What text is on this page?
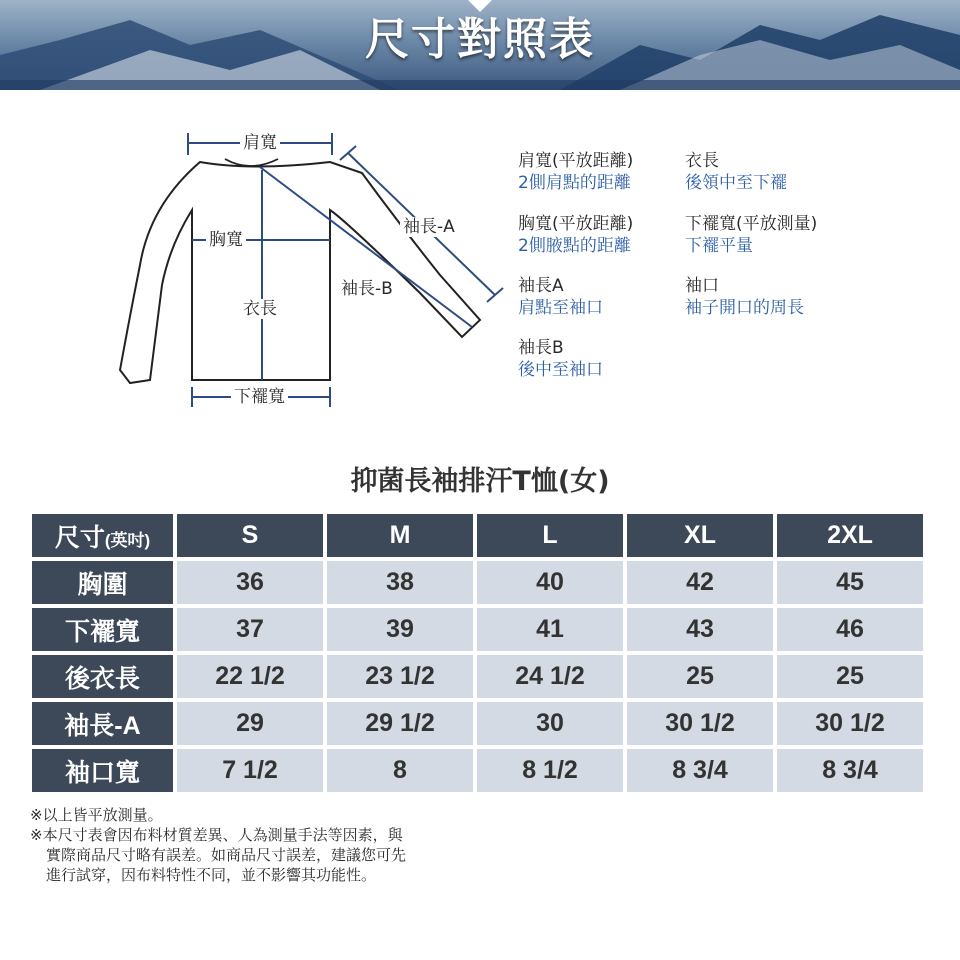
尺寸對照表
肩寬
胸寬
衣長
下襬寬
袖長-A
袖長-B
肩寬(平放距離)
2側肩點的距離
胸寬(平放距離)
2側腋點的距離
袖長A
肩點至袖口
袖長B
後中至袖口
衣長
後領中至下襬
下襬寬(平放測量)
下襬平量
袖口
袖子開口的周長
抑菌長袖排汗T恤(女)
尺寸(英吋)	S	M	L	XL	2XL
胸圍	36	38	40	42	45
下襬寬	37	39	41	43	46
後衣長	22 1/2	23 1/2	24 1/2	25	25
袖長-A	29	29 1/2	30	30 1/2	30 1/2
袖口寬	7 1/2	8	8 1/2	8 3/4	8 3/4
※以上皆平放測量。
※本尺寸表會因布料材質差異、人為測量手法等因素，與
實際商品尺寸略有誤差。如商品尺寸誤差，建議您可先
進行試穿，因布料特性不同，並不影響其功能性。
